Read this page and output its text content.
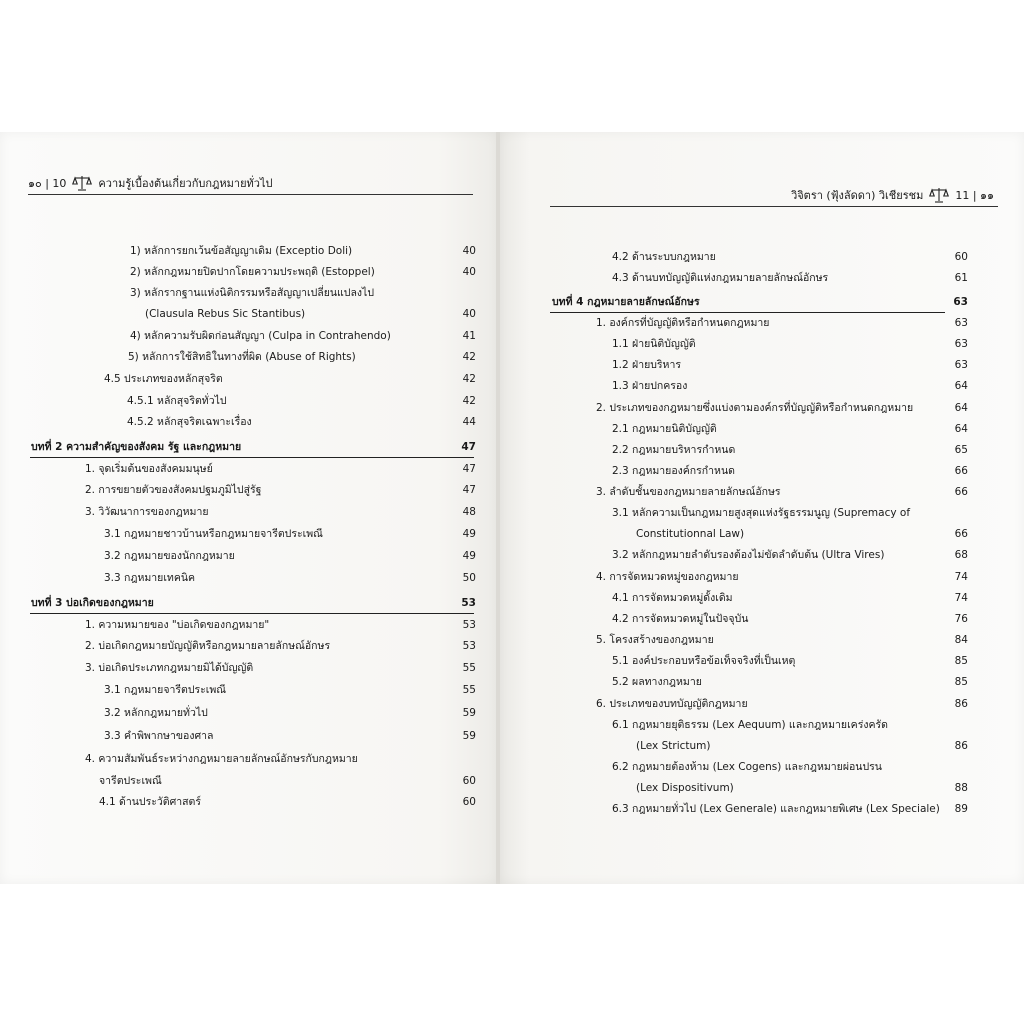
๑๐ | 10	ความรู้เบื้องต้นเกี่ยวกับกฎหมายทั่วไป
วิจิตรา (ฟุ้งลัดดา) วิเชียรชม	11 | ๑๑
1) หลักการยกเว้นข้อสัญญาเดิม (Exceptio Doli)	40
2) หลักกฎหมายปิดปากโดยความประพฤติ (Estoppel)	40
3) หลักรากฐานแห่งนิติกรรมหรือสัญญาเปลี่ยนแปลงไป
(Clausula Rebus Sic Stantibus)	40
4) หลักความรับผิดก่อนสัญญา (Culpa in Contrahendo)	41
5) หลักการใช้สิทธิในทางที่ผิด (Abuse of Rights)	42
4.5 ประเภทของหลักสุจริต	42
4.5.1 หลักสุจริตทั่วไป	42
4.5.2 หลักสุจริตเฉพาะเรื่อง	44
บทที่ 2 ความสำคัญของสังคม รัฐ และกฎหมาย	47
1. จุดเริ่มต้นของสังคมมนุษย์	47
2. การขยายตัวของสังคมปฐมภูมิไปสู่รัฐ	47
3. วิวัฒนาการของกฎหมาย	48
3.1 กฎหมายชาวบ้านหรือกฎหมายจารีตประเพณี	49
3.2 กฎหมายของนักกฎหมาย	49
3.3 กฎหมายเทคนิค	50
บทที่ 3 บ่อเกิดของกฎหมาย	53
1. ความหมายของ "บ่อเกิดของกฎหมาย"	53
2. บ่อเกิดกฎหมายบัญญัติหรือกฎหมายลายลักษณ์อักษร	53
3. บ่อเกิดประเภทกฎหมายมิได้บัญญัติ	55
3.1 กฎหมายจารีตประเพณี	55
3.2 หลักกฎหมายทั่วไป	59
3.3 คำพิพากษาของศาล	59
4. ความสัมพันธ์ระหว่างกฎหมายลายลักษณ์อักษรกับกฎหมาย
จารีตประเพณี	60
4.1 ด้านประวัติศาสตร์	60
4.2 ด้านระบบกฎหมาย	60
4.3 ด้านบทบัญญัติแห่งกฎหมายลายลักษณ์อักษร	61
บทที่ 4 กฎหมายลายลักษณ์อักษร	63
1. องค์กรที่บัญญัติหรือกำหนดกฎหมาย	63
1.1 ฝ่ายนิติบัญญัติ	63
1.2 ฝ่ายบริหาร	63
1.3 ฝ่ายปกครอง	64
2. ประเภทของกฎหมายซึ่งแบ่งตามองค์กรที่บัญญัติหรือกำหนดกฎหมาย	64
2.1 กฎหมายนิติบัญญัติ	64
2.2 กฎหมายบริหารกำหนด	65
2.3 กฎหมายองค์กรกำหนด	66
3. ลำดับชั้นของกฎหมายลายลักษณ์อักษร	66
3.1 หลักความเป็นกฎหมายสูงสุดแห่งรัฐธรรมนูญ (Supremacy of
Constitutionnal Law)	66
3.2 หลักกฎหมายลำดับรองต้องไม่ขัดลำดับต้น (Ultra Vires)	68
4. การจัดหมวดหมู่ของกฎหมาย	74
4.1 การจัดหมวดหมู่ดั้งเดิม	74
4.2 การจัดหมวดหมู่ในปัจจุบัน	76
5. โครงสร้างของกฎหมาย	84
5.1 องค์ประกอบหรือข้อเท็จจริงที่เป็นเหตุ	85
5.2 ผลทางกฎหมาย	85
6. ประเภทของบทบัญญัติกฎหมาย	86
6.1 กฎหมายยุติธรรม (Lex Aequum) และกฎหมายเคร่งครัด
(Lex Strictum)	86
6.2 กฎหมายต้องห้าม (Lex Cogens) และกฎหมายผ่อนปรน
(Lex Dispositivum)	88
6.3 กฎหมายทั่วไป (Lex Generale) และกฎหมายพิเศษ (Lex Speciale)	89
